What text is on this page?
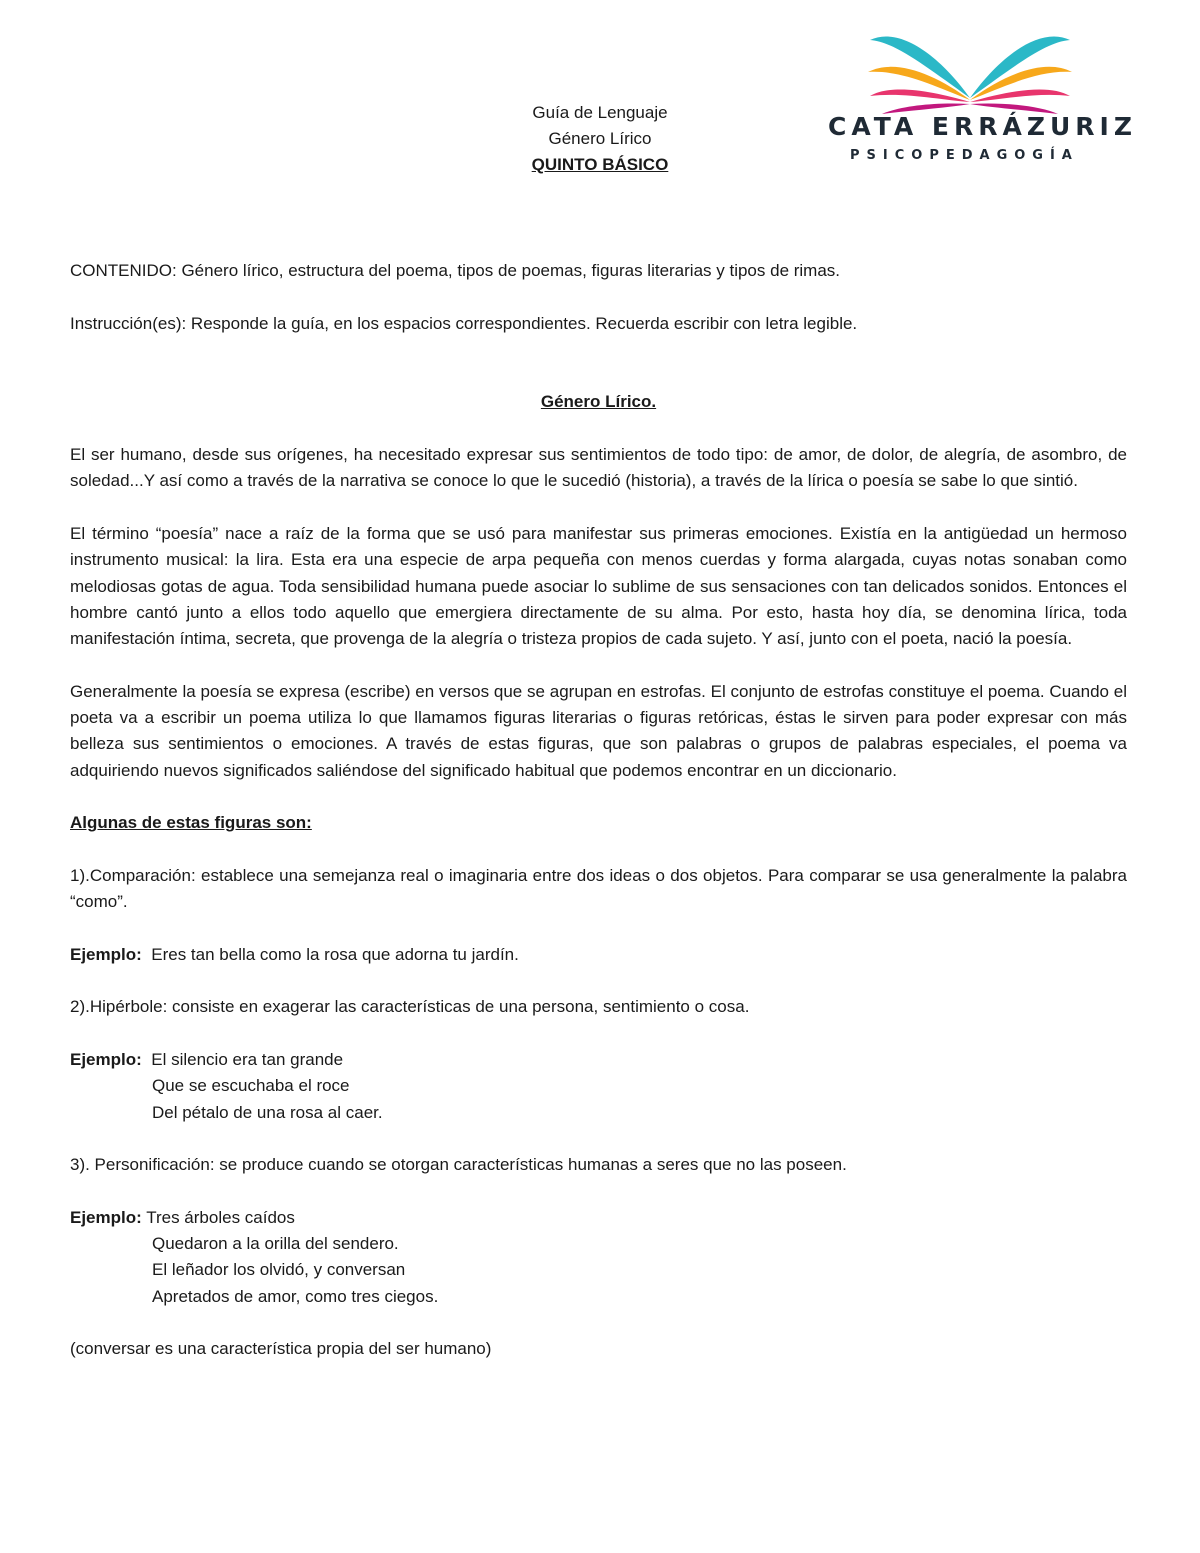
Guía de Lenguaje
Género Lírico
QUINTO BÁSICO
CATA ERRÁZURIZ
PSICOPEDAGOGÍA

CONTENIDO: Género lírico, estructura del poema, tipos de poemas, figuras literarias y tipos de rimas.

Instrucción(es): Responde la guía, en los espacios correspondientes. Recuerda escribir con letra legible.

Género Lírico.

El ser humano, desde sus orígenes, ha necesitado expresar sus sentimientos de todo tipo: de amor, de dolor, de alegría, de asombro, de soledad...Y así como a través de la narrativa se conoce lo que le sucedió (historia), a través de la lírica o poesía se sabe lo que sintió.

El término “poesía” nace a raíz de la forma que se usó para manifestar sus primeras emociones. Existía en la antigüedad un hermoso instrumento musical: la lira. Esta era una especie de arpa pequeña con menos cuerdas y forma alargada, cuyas notas sonaban como melodiosas gotas de agua. Toda sensibilidad humana puede asociar lo sublime de sus sensaciones con tan delicados sonidos. Entonces el hombre cantó junto a ellos todo aquello que emergiera directamente de su alma. Por esto, hasta hoy día, se denomina lírica, toda manifestación íntima, secreta, que provenga de la alegría o tristeza propios de cada sujeto. Y así, junto con el poeta, nació la poesía.

Generalmente la poesía se expresa (escribe) en versos que se agrupan en estrofas. El conjunto de estrofas constituye el poema. Cuando el poeta va a escribir un poema utiliza lo que llamamos figuras literarias o figuras retóricas, éstas le sirven para poder expresar con más belleza sus sentimientos o emociones. A través de estas figuras, que son palabras o grupos de palabras especiales, el poema va adquiriendo nuevos significados saliéndose del significado habitual que podemos encontrar en un diccionario.

Algunas de estas figuras son:

1).Comparación: establece una semejanza real o imaginaria entre dos ideas o dos objetos. Para comparar se usa generalmente la palabra “como”.

Ejemplo: Eres tan bella como la rosa que adorna tu jardín.

2).Hipérbole: consiste en exagerar las características de una persona, sentimiento o cosa.

Ejemplo: El silencio era tan grande

Que se escuchaba el roce

Del pétalo de una rosa al caer.

3). Personificación: se produce cuando se otorgan características humanas a seres que no las poseen.

Ejemplo: Tres árboles caídos

Quedaron a la orilla del sendero.

El leñador los olvidó, y conversan

Apretados de amor, como tres ciegos.

(conversar es una característica propia del ser humano)
